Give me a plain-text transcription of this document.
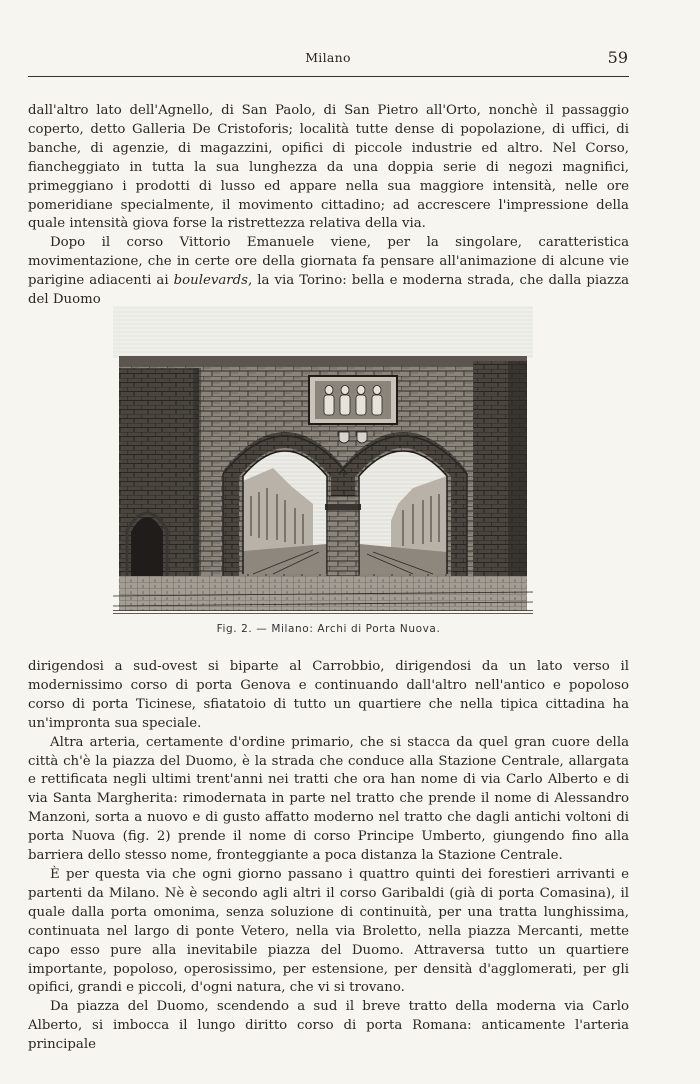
Milano	59

dall'altro lato dell'Agnello, di San Paolo, di San Pietro all'Orto, nonchè il passaggio coperto, detto Galleria De Cristoforis; località tutte dense di popolazione, di uffici, di banche, di agenzie, di magazzini, opifici di piccole industrie ed altro. Nel Corso, fiancheggiato in tutta la sua lunghezza da una doppia serie di negozi magnifici, primeggiano i prodotti di lusso ed appare nella sua maggiore intensità, nelle ore pomeridiane specialmente, il movimento cittadino; ad accrescere l'impressione della quale intensità giova forse la ristrettezza relativa della via.

Dopo il corso Vittorio Emanuele viene, per la singolare, caratteristica movimentazione, che in certe ore della giornata fa pensare all'animazione di alcune vie parigine adiacenti ai boulevards, la via Torino: bella e moderna strada, che dalla piazza del Duomo

Fig. 2. — Milano: Archi di Porta Nuova.

dirigendosi a sud-ovest si biparte al Carrobbio, dirigendosi da un lato verso il modernissimo corso di porta Genova e continuando dall'altro nell'antico e popoloso corso di porta Ticinese, sfiatatoio di tutto un quartiere che nella tipica cittadina ha un'impronta sua speciale.

Altra arteria, certamente d'ordine primario, che si stacca da quel gran cuore della città ch'è la piazza del Duomo, è la strada che conduce alla Stazione Centrale, allargata e rettificata negli ultimi trent'anni nei tratti che ora han nome di via Carlo Alberto e di via Santa Margherita: rimodernata in parte nel tratto che prende il nome di Alessandro Manzoni, sorta a nuovo e di gusto affatto moderno nel tratto che dagli antichi voltoni di porta Nuova (fig. 2) prende il nome di corso Principe Umberto, giungendo fino alla barriera dello stesso nome, fronteggiante a poca distanza la Stazione Centrale.

È per questa via che ogni giorno passano i quattro quinti dei forestieri arrivanti e partenti da Milano. Nè è secondo agli altri il corso Garibaldi (già di porta Comasina), il quale dalla porta omonima, senza soluzione di continuità, per una tratta lunghissima, continuata nel largo di ponte Vetero, nella via Broletto, nella piazza Mercanti, mette capo esso pure alla inevitabile piazza del Duomo. Attraversa tutto un quartiere importante, popoloso, operosissimo, per estensione, per densità d'agglomerati, per gli opifici, grandi e piccoli, d'ogni natura, che vi si trovano.

Da piazza del Duomo, scendendo a sud il breve tratto della moderna via Carlo Alberto, si imbocca il lungo diritto corso di porta Romana: anticamente l'arteria principale
